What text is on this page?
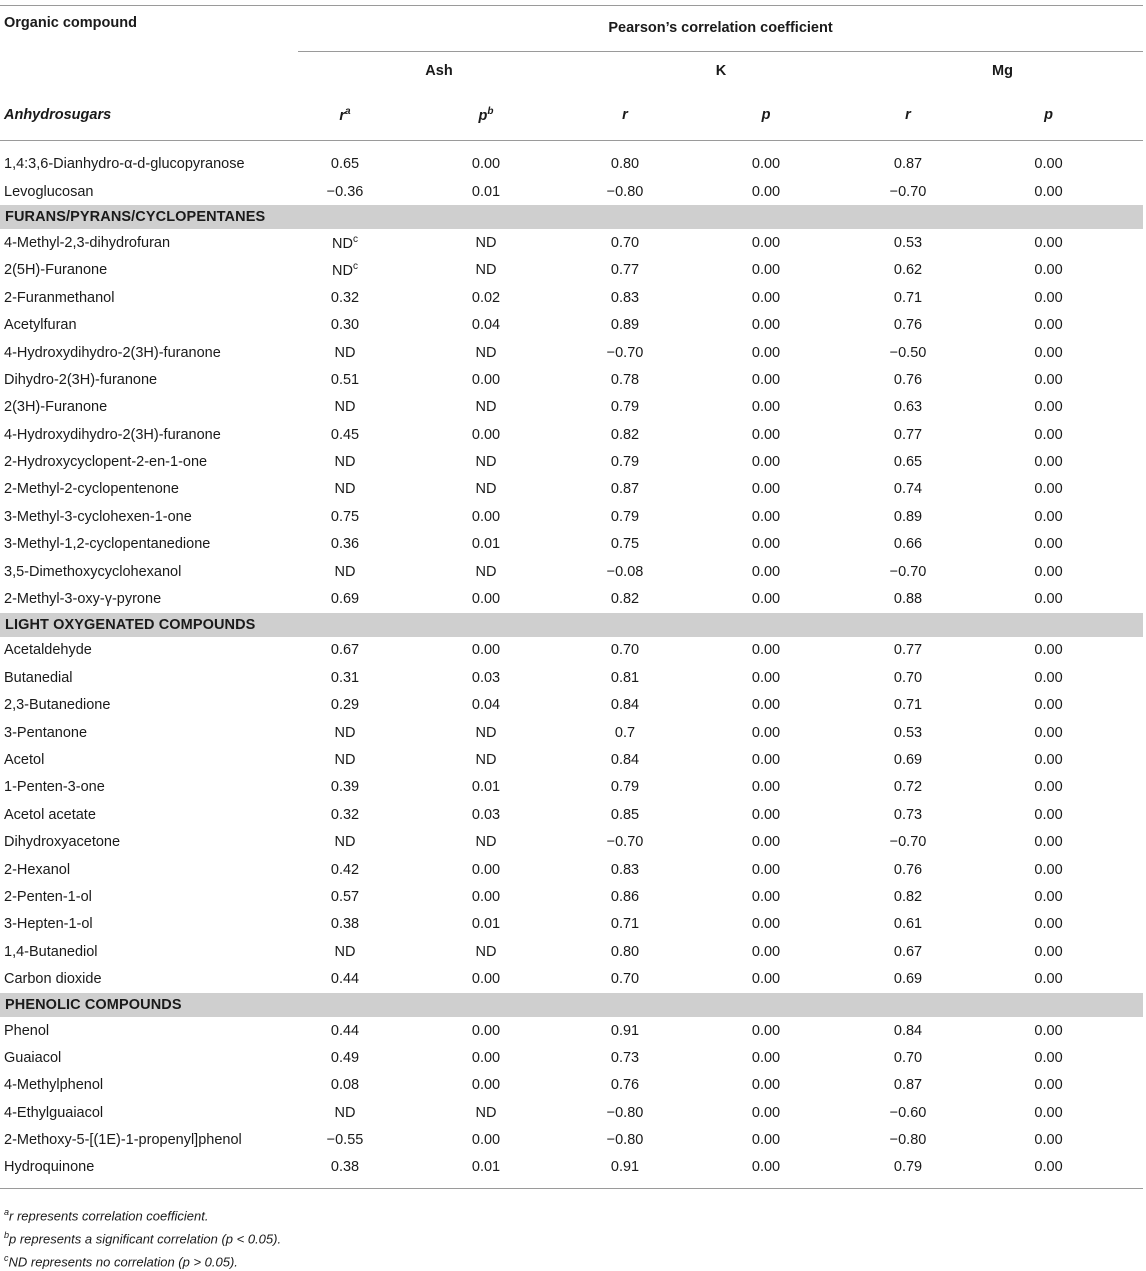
Organic compound	Pearson’s correlation coefficient					
	Ash		K		Mg	
Anhydrosugars	$r^a$	$p^b$	r	p	r	p

1,4:3,6-Dianhydro-α-d-glucopyranose	0.65	0.00	0.80	0.00	0.87	0.00
Levoglucosan	−0.36	0.01	−0.80	0.00	−0.70	0.00
FURANS/PYRANS/CYCLOPENTANES						
4-Methyl-2,3-dihydrofuran	$ND^c$	ND	0.70	0.00	0.53	0.00
2(5H)-Furanone	$ND^c$	ND	0.77	0.00	0.62	0.00
2-Furanmethanol	0.32	0.02	0.83	0.00	0.71	0.00
Acetylfuran	0.30	0.04	0.89	0.00	0.76	0.00
4-Hydroxydihydro-2(3H)-furanone	ND	ND	−0.70	0.00	−0.50	0.00
Dihydro-2(3H)-furanone	0.51	0.00	0.78	0.00	0.76	0.00
2(3H)-Furanone	ND	ND	0.79	0.00	0.63	0.00
4-Hydroxydihydro-2(3H)-furanone	0.45	0.00	0.82	0.00	0.77	0.00
2-Hydroxycyclopent-2-en-1-one	ND	ND	0.79	0.00	0.65	0.00
2-Methyl-2-cyclopentenone	ND	ND	0.87	0.00	0.74	0.00
3-Methyl-3-cyclohexen-1-one	0.75	0.00	0.79	0.00	0.89	0.00
3-Methyl-1,2-cyclopentanedione	0.36	0.01	0.75	0.00	0.66	0.00
3,5-Dimethoxycyclohexanol	ND	ND	−0.08	0.00	−0.70	0.00
2-Methyl-3-oxy-γ-pyrone	0.69	0.00	0.82	0.00	0.88	0.00
LIGHT OXYGENATED COMPOUNDS						
Acetaldehyde	0.67	0.00	0.70	0.00	0.77	0.00
Butanedial	0.31	0.03	0.81	0.00	0.70	0.00
2,3-Butanedione	0.29	0.04	0.84	0.00	0.71	0.00
3-Pentanone	ND	ND	0.7	0.00	0.53	0.00
Acetol	ND	ND	0.84	0.00	0.69	0.00
1-Penten-3-one	0.39	0.01	0.79	0.00	0.72	0.00
Acetol acetate	0.32	0.03	0.85	0.00	0.73	0.00
Dihydroxyacetone	ND	ND	−0.70	0.00	−0.70	0.00
2-Hexanol	0.42	0.00	0.83	0.00	0.76	0.00
2-Penten-1-ol	0.57	0.00	0.86	0.00	0.82	0.00
3-Hepten-1-ol	0.38	0.01	0.71	0.00	0.61	0.00
1,4-Butanediol	ND	ND	0.80	0.00	0.67	0.00
Carbon dioxide	0.44	0.00	0.70	0.00	0.69	0.00
PHENOLIC COMPOUNDS						
Phenol	0.44	0.00	0.91	0.00	0.84	0.00
Guaiacol	0.49	0.00	0.73	0.00	0.70	0.00
4-Methylphenol	0.08	0.00	0.76	0.00	0.87	0.00
4-Ethylguaiacol	ND	ND	−0.80	0.00	−0.60	0.00
2-Methoxy-5-[(1E)-1-propenyl]phenol	−0.55	0.00	−0.80	0.00	−0.80	0.00
Hydroquinone	0.38	0.01	0.91	0.00	0.79	0.00

$^a$r represents correlation coefficient.
$^b$p represents a significant correlation (p < 0.05).
$^c$ND represents no correlation (p > 0.05).
